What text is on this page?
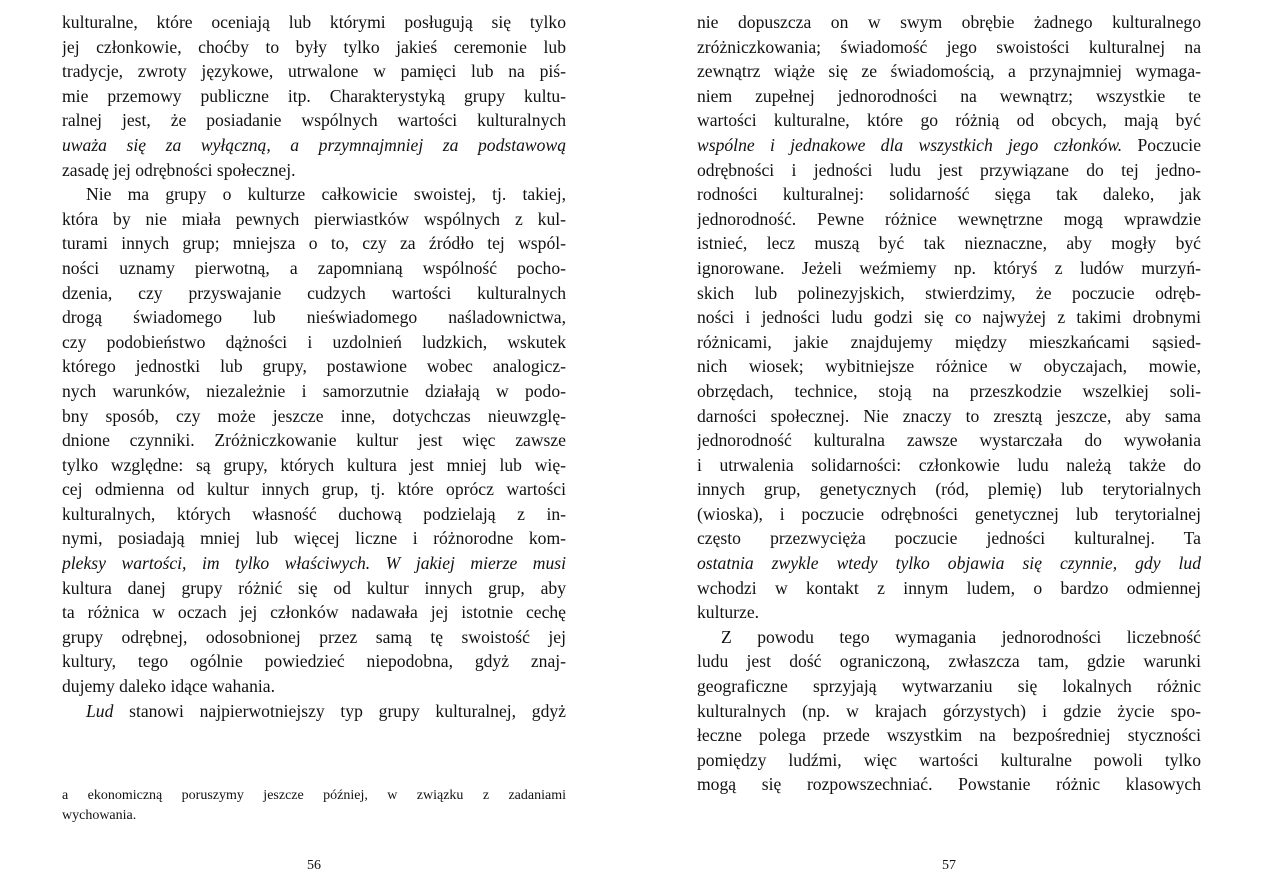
kulturalne, które oceniają lub którymi posługują się tylko
jej członkowie, choćby to były tylko jakieś ceremonie lub
tradycje, zwroty językowe, utrwalone w pamięci lub na piś-
mie przemowy publiczne itp. Charakterystyką grupy kultu-
ralnej jest, że posiadanie wspólnych wartości kulturalnych
uważa się za wyłączną, a przymnajmniej za podstawową
zasadę jej odrębności społecznej.
Nie ma grupy o kulturze całkowicie swoistej, tj. takiej,
która by nie miała pewnych pierwiastków wspólnych z kul-
turami innych grup; mniejsza o to, czy za źródło tej wspól-
ności uznamy pierwotną, a zapomnianą wspólność pocho-
dzenia, czy przyswajanie cudzych wartości kulturalnych
drogą świadomego lub nieświadomego naśladownictwa,
czy podobieństwo dążności i uzdolnień ludzkich, wskutek
którego jednostki lub grupy, postawione wobec analogicz-
nych warunków, niezależnie i samorzutnie działają w podo-
bny sposób, czy może jeszcze inne, dotychczas nieuwzglę-
dnione czynniki. Zróżniczkowanie kultur jest więc zawsze
tylko względne: są grupy, których kultura jest mniej lub wię-
cej odmienna od kultur innych grup, tj. które oprócz wartości
kulturalnych, których własność duchową podzielają z in-
nymi, posiadają mniej lub więcej liczne i różnorodne kom-
pleksy wartości, im tylko właściwych. W jakiej mierze musi
kultura danej grupy różnić się od kultur innych grup, aby
ta różnica w oczach jej członków nadawała jej istotnie cechę
grupy odrębnej, odosobnionej przez samą tę swoistość jej
kultury, tego ogólnie powiedzieć niepodobna, gdyż znaj-
dujemy daleko idące wahania.
Lud stanowi najpierwotniejszy typ grupy kulturalnej, gdyż
a ekonomiczną poruszymy jeszcze później, w związku z zadaniami
wychowania.
56
nie dopuszcza on w swym obrębie żadnego kulturalnego
zróżniczkowania; świadomość jego swoistości kulturalnej na
zewnątrz wiąże się ze świadomością, a przynajmniej wymaga-
niem zupełnej jednorodności na wewnątrz; wszystkie te
wartości kulturalne, które go różnią od obcych, mają być
wspólne i jednakowe dla wszystkich jego członków. Poczucie
odrębności i jedności ludu jest przywiązane do tej jedno-
rodności kulturalnej: solidarność sięga tak daleko, jak
jednorodność. Pewne różnice wewnętrzne mogą wprawdzie
istnieć, lecz muszą być tak nieznaczne, aby mogły być
ignorowane. Jeżeli weźmiemy np. któryś z ludów murzyń-
skich lub polinezyjskich, stwierdzimy, że poczucie odręb-
ności i jedności ludu godzi się co najwyżej z takimi drobnymi
różnicami, jakie znajdujemy między mieszkańcami sąsied-
nich wiosek; wybitniejsze różnice w obyczajach, mowie,
obrzędach, technice, stoją na przeszkodzie wszelkiej soli-
darności społecznej. Nie znaczy to zresztą jeszcze, aby sama
jednorodność kulturalna zawsze wystarczała do wywołania
i utrwalenia solidarności: członkowie ludu należą także do
innych grup, genetycznych (ród, plemię) lub terytorialnych
(wioska), i poczucie odrębności genetycznej lub terytorialnej
często przezwycięża poczucie jedności kulturalnej. Ta
ostatnia zwykle wtedy tylko objawia się czynnie, gdy lud
wchodzi w kontakt z innym ludem, o bardzo odmiennej
kulturze.
Z powodu tego wymagania jednorodności liczebność
ludu jest dość ograniczoną, zwłaszcza tam, gdzie warunki
geograficzne sprzyjają wytwarzaniu się lokalnych różnic
kulturalnych (np. w krajach górzystych) i gdzie życie spo-
łeczne polega przede wszystkim na bezpośredniej styczności
pomiędzy ludźmi, więc wartości kulturalne powoli tylko
mogą się rozpowszechniać. Powstanie różnic klasowych
57
